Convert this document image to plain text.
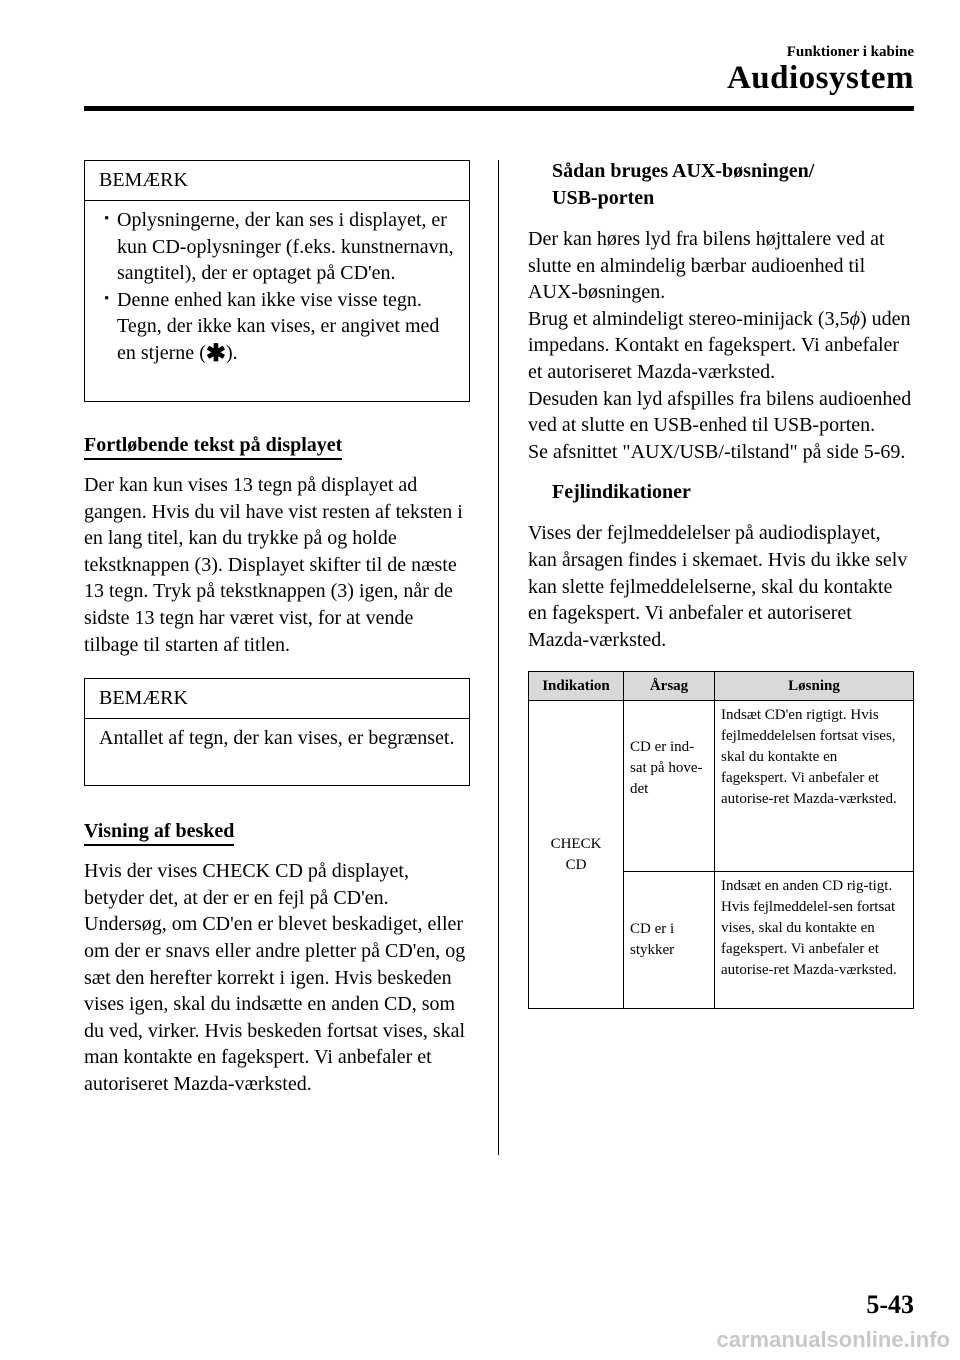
Funktioner i kabine
Audiosystem
BEMÆRK
· Oplysningerne, der kan ses i displayet, er kun CD-oplysninger (f.eks. kunstnernavn, sangtitel), der er optaget på CD'en.
· Denne enhed kan ikke vise visse tegn. Tegn, der ikke kan vises, er angivet med en stjerne (✱).
Fortløbende tekst på displayet

Der kan kun vises 13 tegn på displayet ad gangen. Hvis du vil have vist resten af teksten i en lang titel, kan du trykke på og holde tekstknappen (3). Displayet skifter til de næste 13 tegn. Tryk på tekstknappen (3) igen, når de sidste 13 tegn har været vist, for at vende tilbage til starten af titlen.

BEMÆRK
Antallet af tegn, der kan vises, er begrænset.
Visning af besked

Hvis der vises CHECK CD på displayet, betyder det, at der er en fejl på CD'en. Undersøg, om CD'en er blevet beskadiget, eller om der er snavs eller andre pletter på CD'en, og sæt den herefter korrekt i igen. Hvis beskeden vises igen, skal du indsætte en anden CD, som du ved, virker. Hvis beskeden fortsat vises, skal man kontakte en fagekspert. Vi anbefaler et autoriseret Mazda-værksted.

Sådan bruges AUX-bøsningen/
USB-porten

Der kan høres lyd fra bilens højttalere ved at slutte en almindelig bærbar audioenhed til AUX-bøsningen.

Brug et almindeligt stereo-minijack (3,5ϕ) uden impedans. Kontakt en fagekspert. Vi anbefaler et autoriseret Mazda-værksted.

Desuden kan lyd afspilles fra bilens audioenhed ved at slutte en USB-enhed til USB-porten.

Se afsnittet "AUX/USB/-tilstand" på side 5-69.

Fejlindikationer

Vises der fejlmeddelelser på audiodisplayet, kan årsagen findes i skemaet. Hvis du ikke selv kan slette fejlmeddelelserne, skal du kontakte en fagekspert. Vi anbefaler et autoriseret Mazda-værksted.

Indikation	Årsag	Løsning
CHECK CD	CD er ind-sat på hove-det	Indsæt CD'en rigtigt. Hvis fejlmeddelelsen fortsat vises, skal du kontakte en fagekspert. Vi anbefaler et autorise-ret Mazda-værksted.
	CD er i stykker	Indsæt en anden CD rig-tigt. Hvis fejlmeddelel-sen fortsat vises, skal du kontakte en fagekspert. Vi anbefaler et autorise-ret Mazda-værksted.
5-43
carmanualsonline.info
